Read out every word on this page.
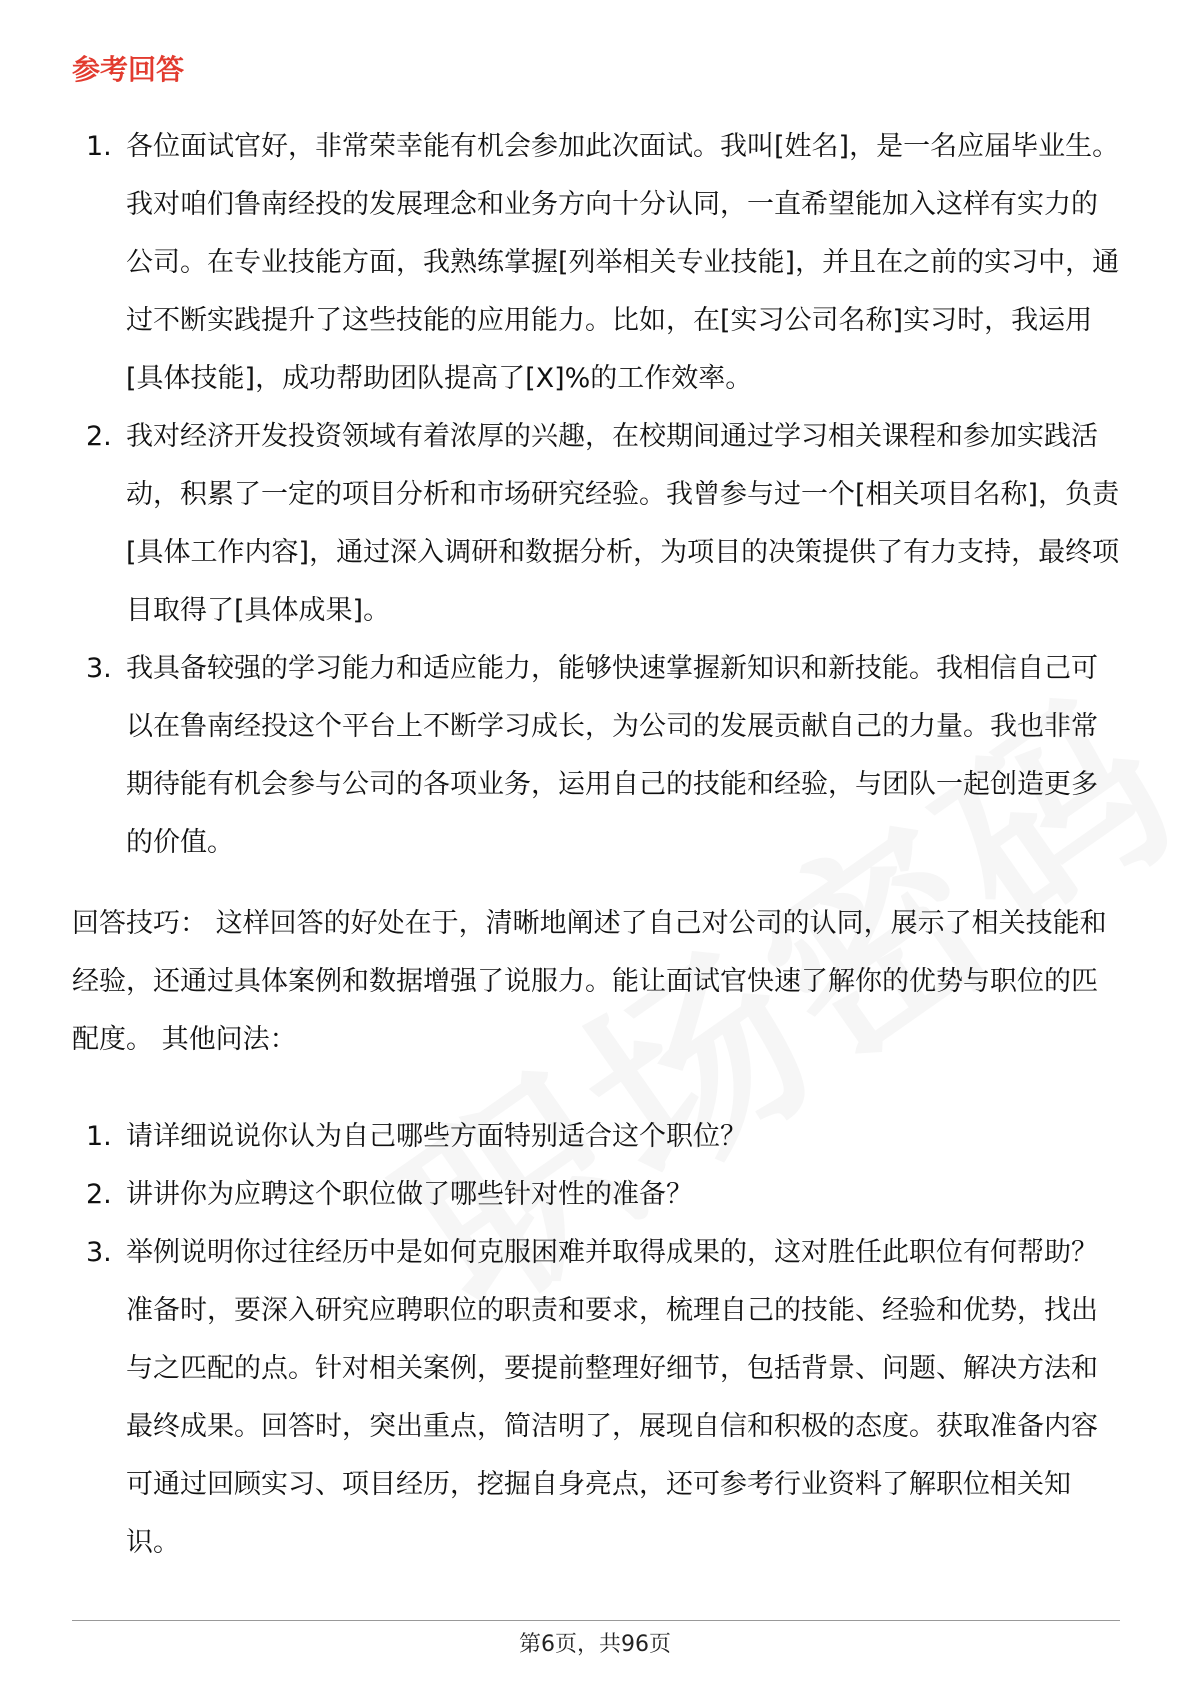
参考回答
1. 各位面试官好，非常荣幸能有机会参加此次面试。我叫[姓名]，是一名应届毕业生。我对咱们鲁南经投的发展理念和业务方向十分认同，一直希望能加入这样有实力的公司。在专业技能方面，我熟练掌握[列举相关专业技能]，并且在之前的实习中，通过不断实践提升了这些技能的应用能力。比如，在[实习公司名称]实习时，我运用[具体技能]，成功帮助团队提高了[X]%的工作效率。
2. 我对经济开发投资领域有着浓厚的兴趣，在校期间通过学习相关课程和参加实践活动，积累了一定的项目分析和市场研究经验。我曾参与过一个[相关项目名称]，负责[具体工作内容]，通过深入调研和数据分析，为项目的决策提供了有力支持，最终项目取得了[具体成果]。
3. 我具备较强的学习能力和适应能力，能够快速掌握新知识和新技能。我相信自己可以在鲁南经投这个平台上不断学习成长，为公司的发展贡献自己的力量。我也非常期待能有机会参与公司的各项业务，运用自己的技能和经验，与团队一起创造更多的价值。
回答技巧： 这样回答的好处在于，清晰地阐述了自己对公司的认同，展示了相关技能和经验，还通过具体案例和数据增强了说服力。能让面试官快速了解你的优势与职位的匹配度。 其他问法：
1. 请详细说说你认为自己哪些方面特别适合这个职位？
2. 讲讲你为应聘这个职位做了哪些针对性的准备？
3. 举例说明你过往经历中是如何克服困难并取得成果的，这对胜任此职位有何帮助？ 准备时，要深入研究应聘职位的职责和要求，梳理自己的技能、经验和优势，找出与之匹配的点。针对相关案例，要提前整理好细节，包括背景、问题、解决方法和最终成果。回答时，突出重点，简洁明了，展现自信和积极的态度。获取准备内容可通过回顾实习、项目经历，挖掘自身亮点，还可参考行业资料了解职位相关知识。
第6页，共96页
